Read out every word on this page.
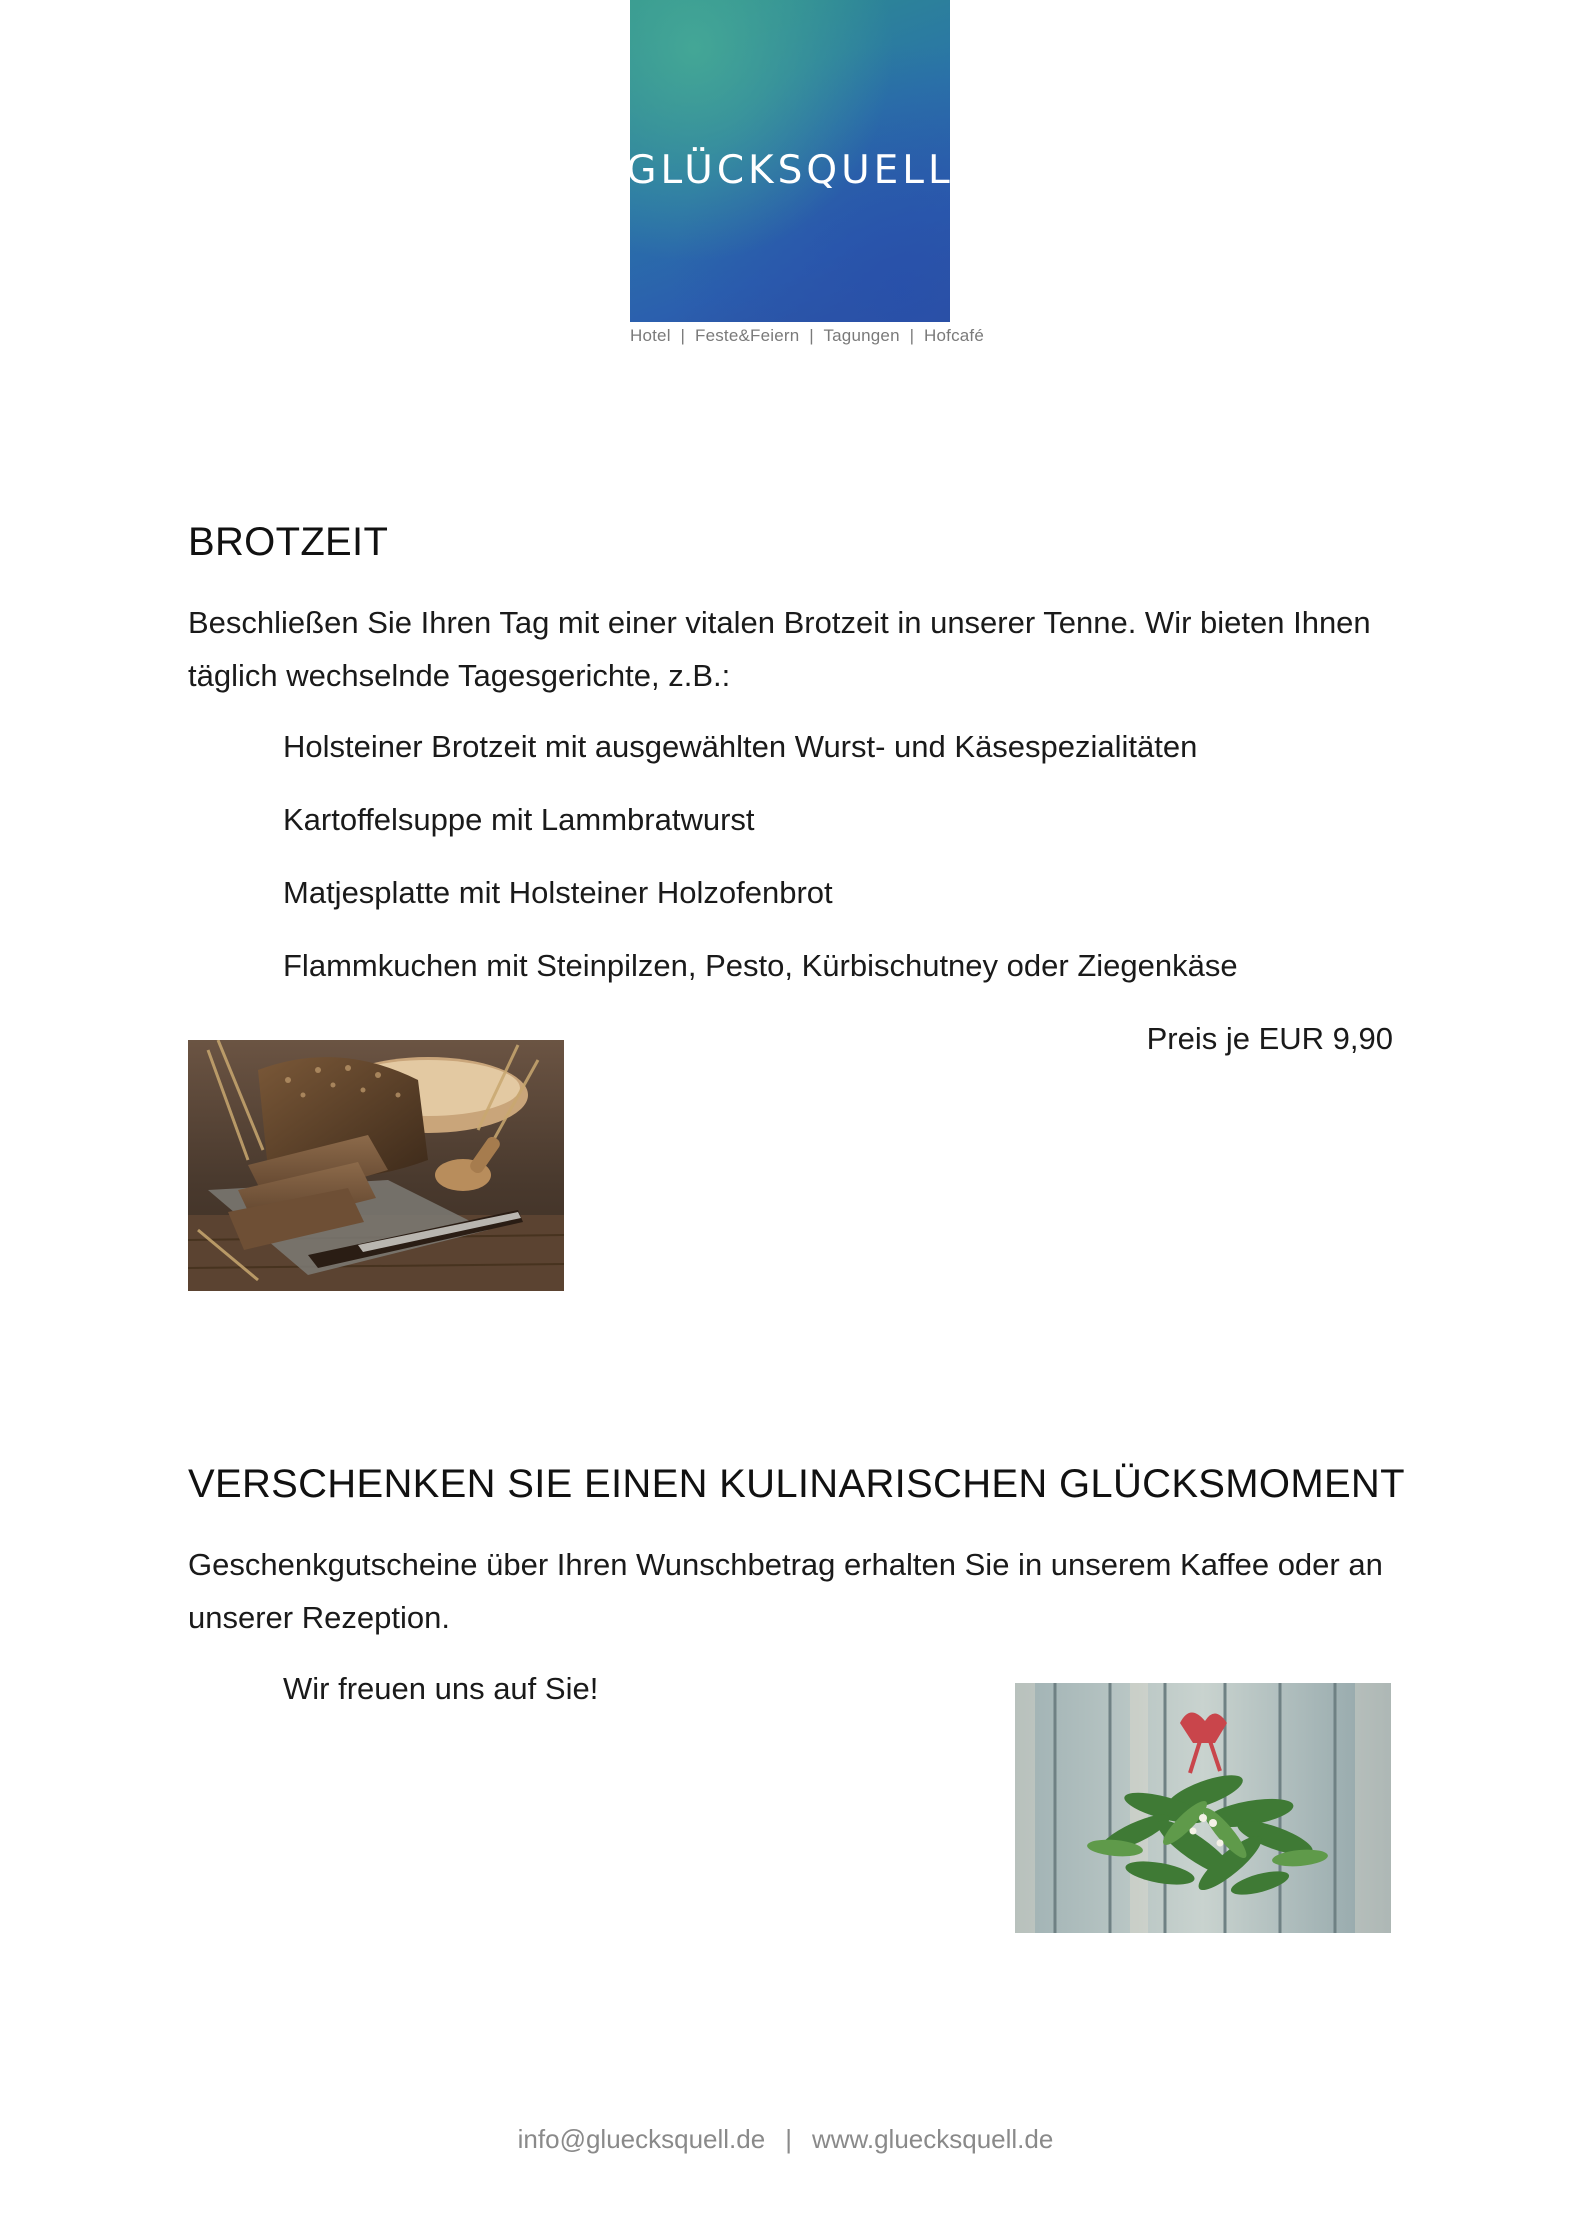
GLÜCKSQUELL
Hotel  |  Feste&Feiern  |  Tagungen  |  Hofcafé
BROTZEIT

Beschließen Sie Ihren Tag mit einer vitalen Brotzeit in unserer Tenne. Wir bieten Ihnen täglich wechselnde Tagesgerichte, z.B.:

Holsteiner Brotzeit mit ausgewählten Wurst- und Käsespezialitäten

Kartoffelsuppe mit Lammbratwurst

Matjesplatte mit Holsteiner Holzofenbrot

Flammkuchen mit Steinpilzen, Pesto, Kürbischutney oder Ziegenkäse

Preis je EUR 9,90

VERSCHENKEN SIE EINEN KULINARISCHEN GLÜCKSMOMENT

Geschenkgutscheine über Ihren Wunschbetrag erhalten Sie in unserem Kaffee oder an unserer Rezeption.

Wir freuen uns auf Sie!

info@gluecksquell.de | www.gluecksquell.de
